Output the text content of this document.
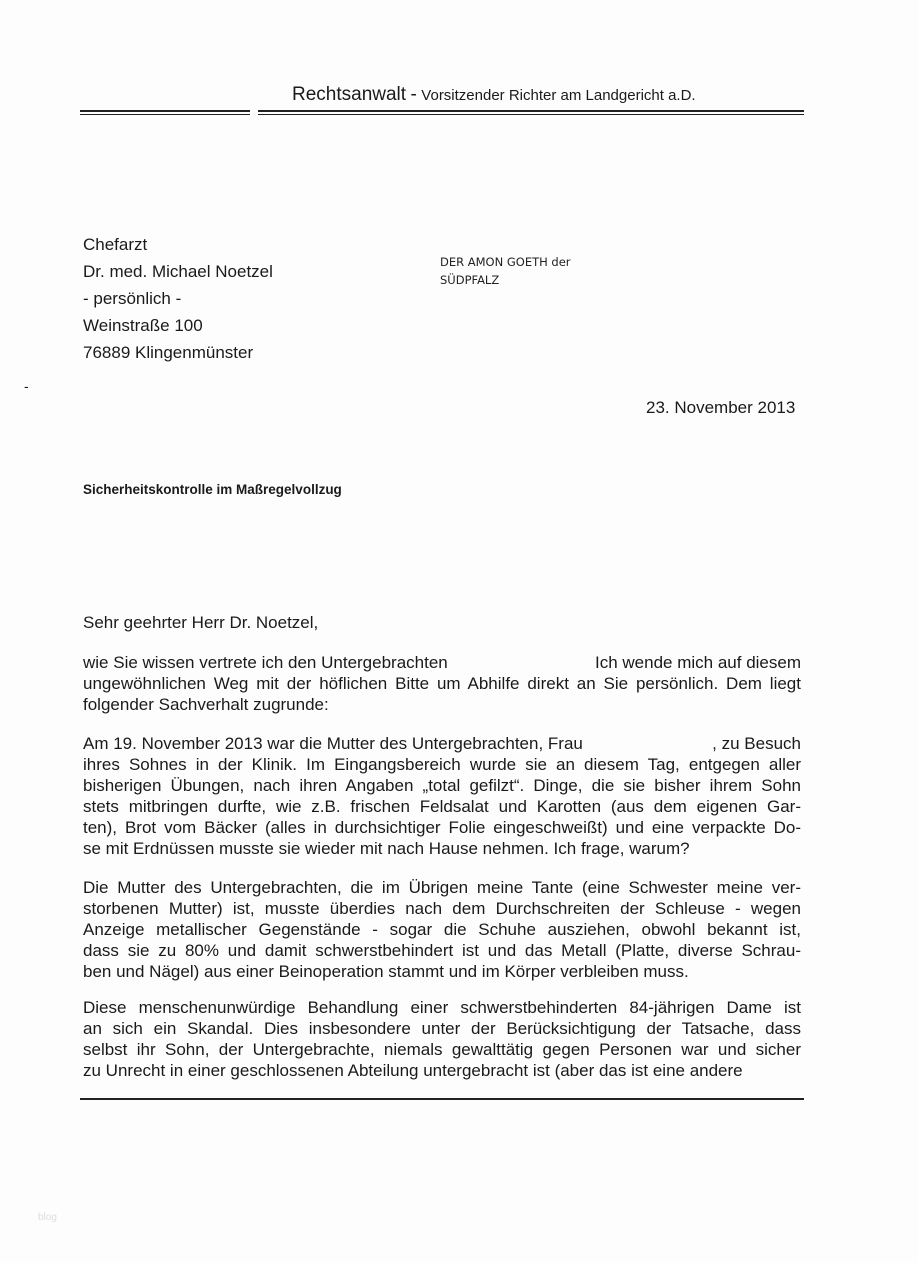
Rechtsanwalt - Vorsitzender Richter am Landgericht a.D.
Chefarzt
Dr. med. Michael Noetzel
- persönlich -
Weinstraße 100
76889 Klingenmünster
DER AMON GOETH der
SÜDPFALZ
-
23. November 2013
Sicherheitskontrolle im Maßregelvollzug
Sehr geehrter Herr Dr. Noetzel,
wie Sie wissen vertrete ich den Untergebrachten	Ich wende mich auf diesem
ungewöhnlichen Weg mit der höflichen Bitte um Abhilfe direkt an Sie persönlich. Dem liegt
folgender Sachverhalt zugrunde:
Am 19. November 2013 war die Mutter des Untergebrachten, Frau	, zu Besuch
ihres Sohnes in der Klinik. Im Eingangsbereich wurde sie an diesem Tag, entgegen aller
bisherigen Übungen, nach ihren Angaben „total gefilzt“. Dinge, die sie bisher ihrem Sohn
stets mitbringen durfte, wie z.B. frischen Feldsalat und Karotten (aus dem eigenen Gar-
ten), Brot vom Bäcker (alles in durchsichtiger Folie eingeschweißt) und eine verpackte Do-
se mit Erdnüssen musste sie wieder mit nach Hause nehmen. Ich frage, warum?
Die Mutter des Untergebrachten, die im Übrigen meine Tante (eine Schwester meine ver-
storbenen Mutter) ist, musste überdies nach dem Durchschreiten der Schleuse - wegen
Anzeige metallischer Gegenstände - sogar die Schuhe ausziehen, obwohl bekannt ist,
dass sie zu 80% und damit schwerstbehindert ist und das Metall (Platte, diverse Schrau-
ben und Nägel) aus einer Beinoperation stammt und im Körper verbleiben muss.
Diese menschenunwürdige Behandlung einer schwerstbehinderten 84-jährigen Dame ist
an sich ein Skandal. Dies insbesondere unter der Berücksichtigung der Tatsache, dass
selbst ihr Sohn, der Untergebrachte, niemals gewalttätig gegen Personen war und sicher
zu Unrecht in einer geschlossenen Abteilung untergebracht ist (aber das ist eine andere
blog
